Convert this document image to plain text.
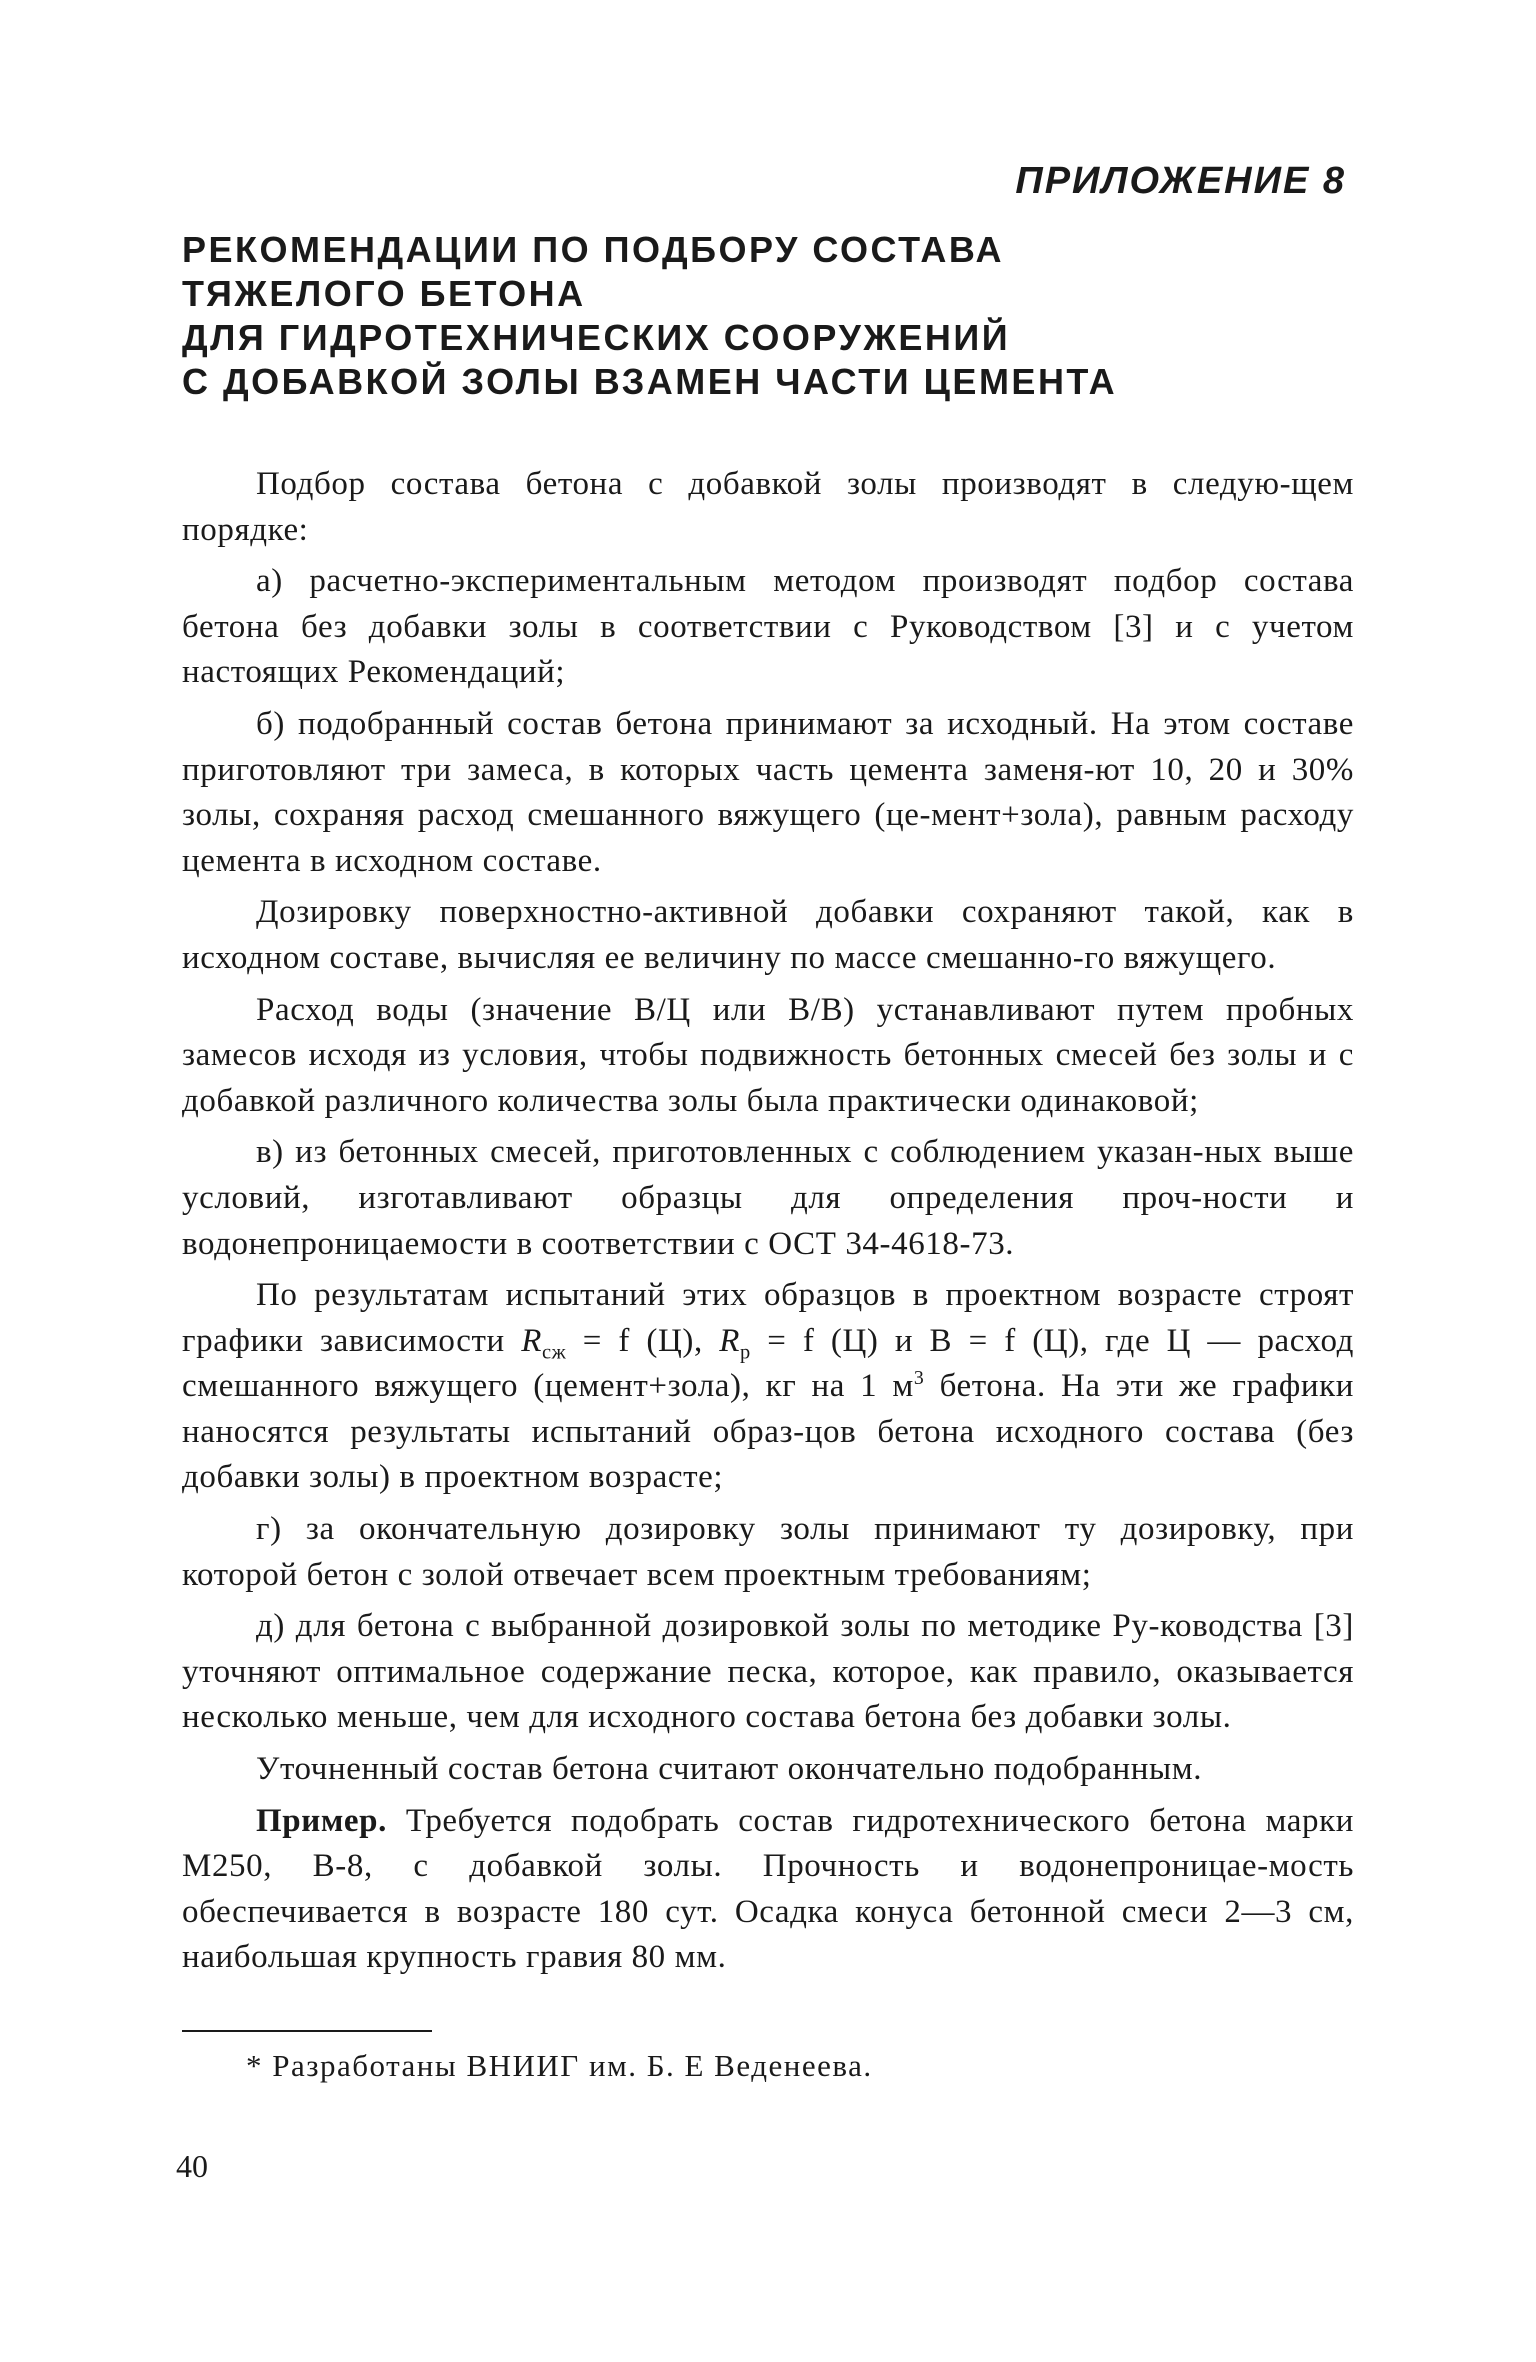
ПРИЛОЖЕНИЕ 8
РЕКОМЕНДАЦИИ ПО ПОДБОРУ СОСТАВА
ТЯЖЕЛОГО БЕТОНА
ДЛЯ ГИДРОТЕХНИЧЕСКИХ СООРУЖЕНИЙ
С ДОБАВКОЙ ЗОЛЫ ВЗАМЕН ЧАСТИ ЦЕМЕНТА

Подбор состава бетона с добавкой золы производят в следую-щем порядке:

а) расчетно-экспериментальным методом производят подбор состава бетона без добавки золы в соответствии с Руководством [3] и с учетом настоящих Рекомендаций;

б) подобранный состав бетона принимают за исходный. На этом составе приготовляют три замеса, в которых часть цемента заменя-ют 10, 20 и 30% золы, сохраняя расход смешанного вяжущего (це-мент+зола), равным расходу цемента в исходном составе.

Дозировку поверхностно-активной добавки сохраняют такой, как в исходном составе, вычисляя ее величину по массе смешанно-го вяжущего.

Расход воды (значение В/Ц или В/В) устанавливают путем пробных замесов исходя из условия, чтобы подвижность бетонных смесей без золы и с добавкой различного количества золы была практически одинаковой;

в) из бетонных смесей, приготовленных с соблюдением указан-ных выше условий, изготавливают образцы для определения проч-ности и водонепроницаемости в соответствии с ОСТ 34-4618-73.

По результатам испытаний этих образцов в проектном возрасте строят графики зависимости $R_{сж} = f$ (Ц), $R_р = f$ (Ц) и В = f (Ц), где Ц — расход смешанного вяжущего (цемент+зола), кг на 1 $м^3$ бетона. На эти же графики наносятся результаты испытаний образ-цов бетона исходного состава (без добавки золы) в проектном возрасте;

г) за окончательную дозировку золы принимают ту дозировку, при которой бетон с золой отвечает всем проектным требованиям;

д) для бетона с выбранной дозировкой золы по методике Ру-ководства [3] уточняют оптимальное содержание песка, которое, как правило, оказывается несколько меньше, чем для исходного состава бетона без добавки золы.

Уточненный состав бетона считают окончательно подобранным.

Пример. Требуется подобрать состав гидротехнического бетона марки М250, В-8, с добавкой золы. Прочность и водонепроницае-мость обеспечивается в возрасте 180 сут. Осадка конуса бетонной смеси 2—3 см, наибольшая крупность гравия 80 мм.

* Разработаны ВНИИГ им. Б. Е Веденеева.
40
